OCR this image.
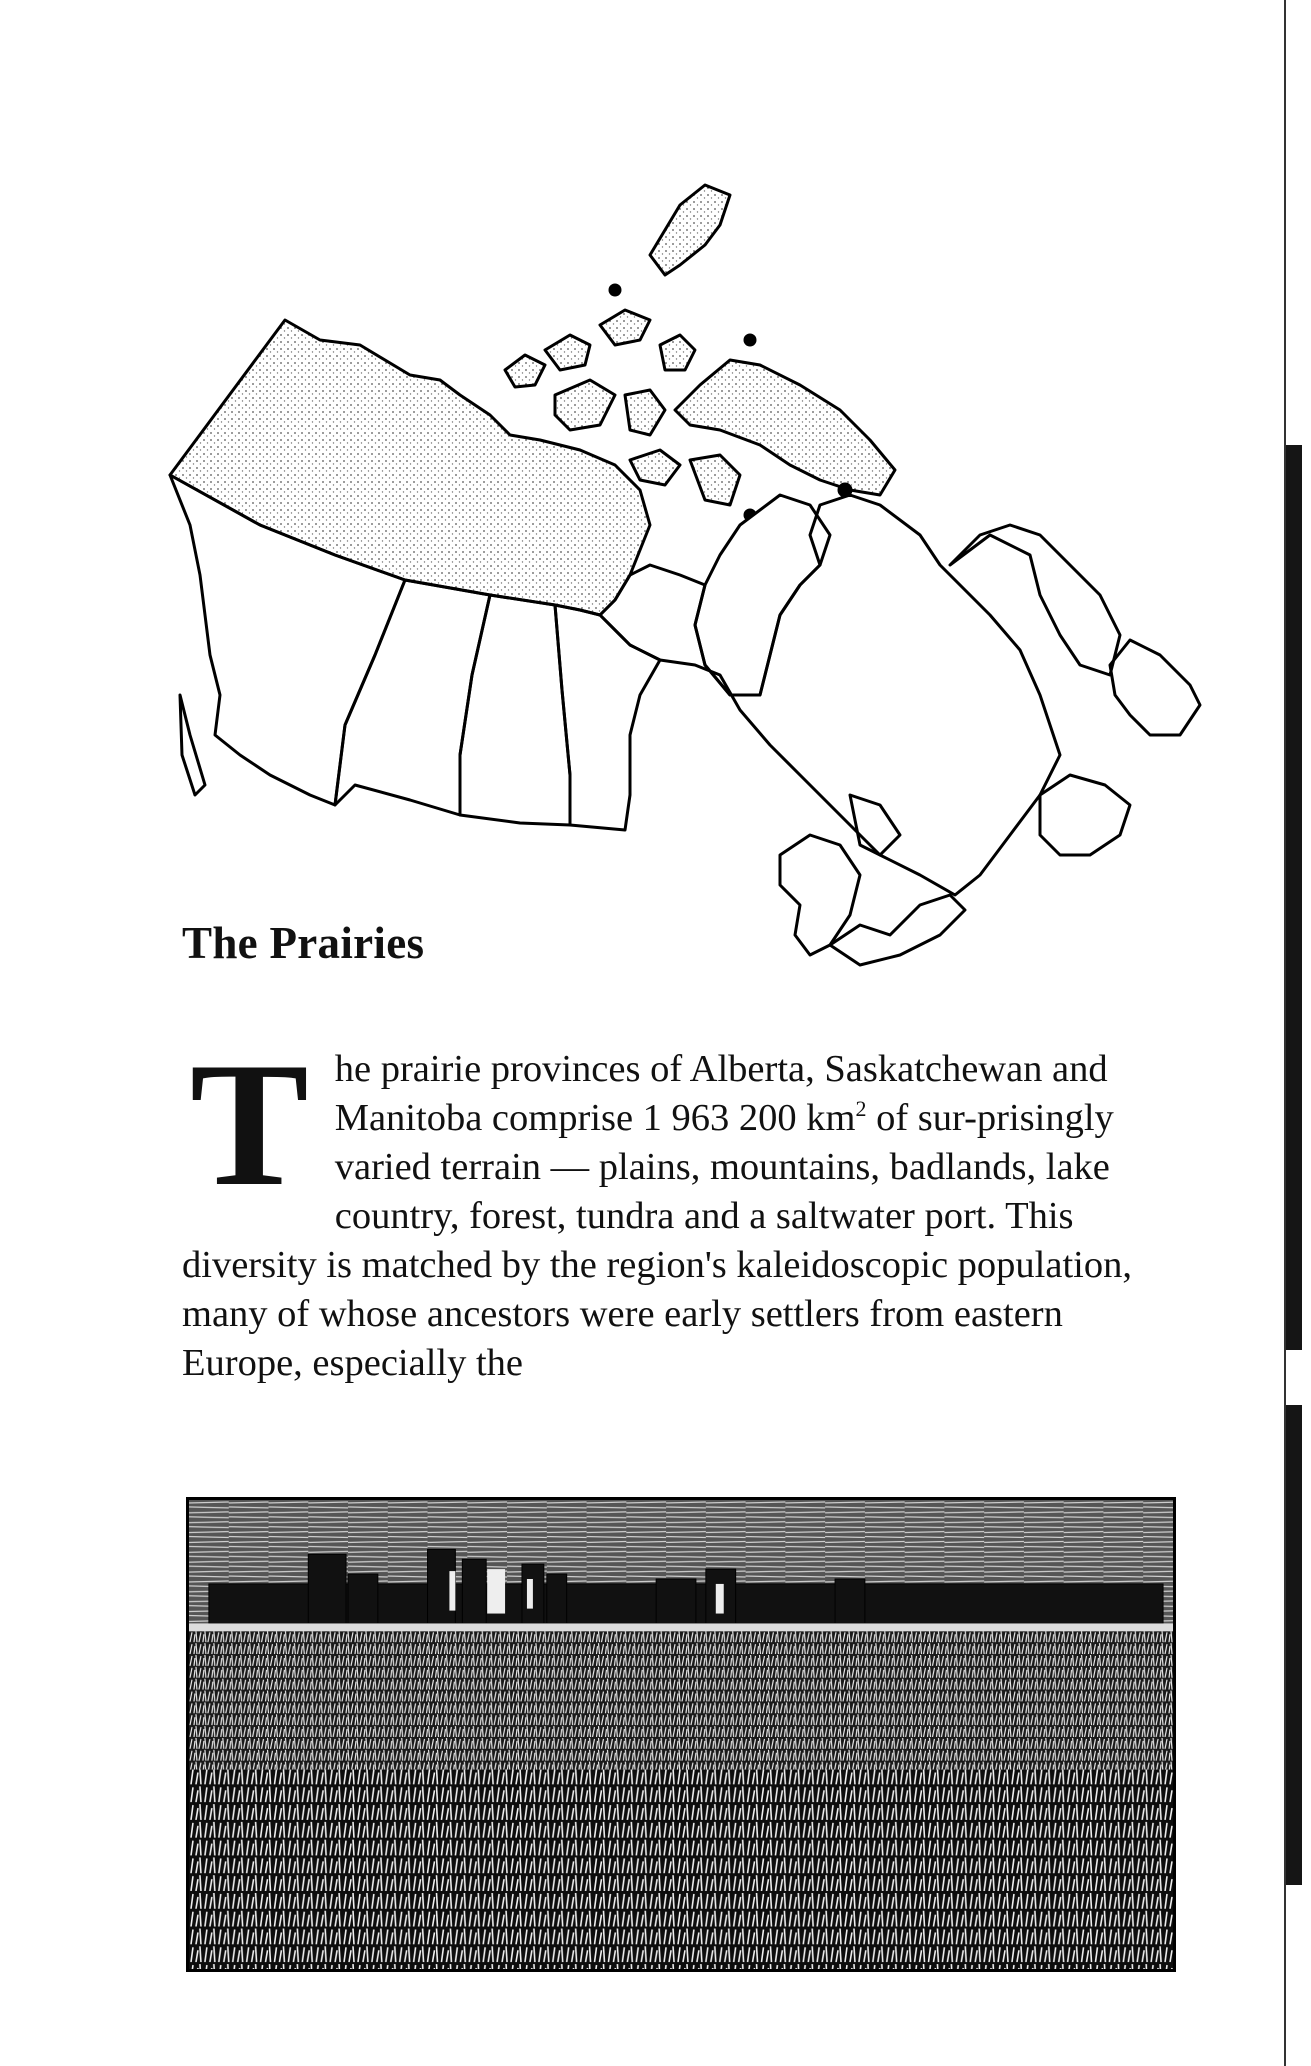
The Prairies

The prairie provinces of Alberta, Saskatchewan and Manitoba comprise 1 963 200 $km^2$ of sur-prisingly varied terrain — plains, mountains, badlands, lake country, forest, tundra and a saltwater port. This diversity is matched by the region's kaleidoscopic population, many of whose ancestors were early settlers from eastern Europe, especially the
